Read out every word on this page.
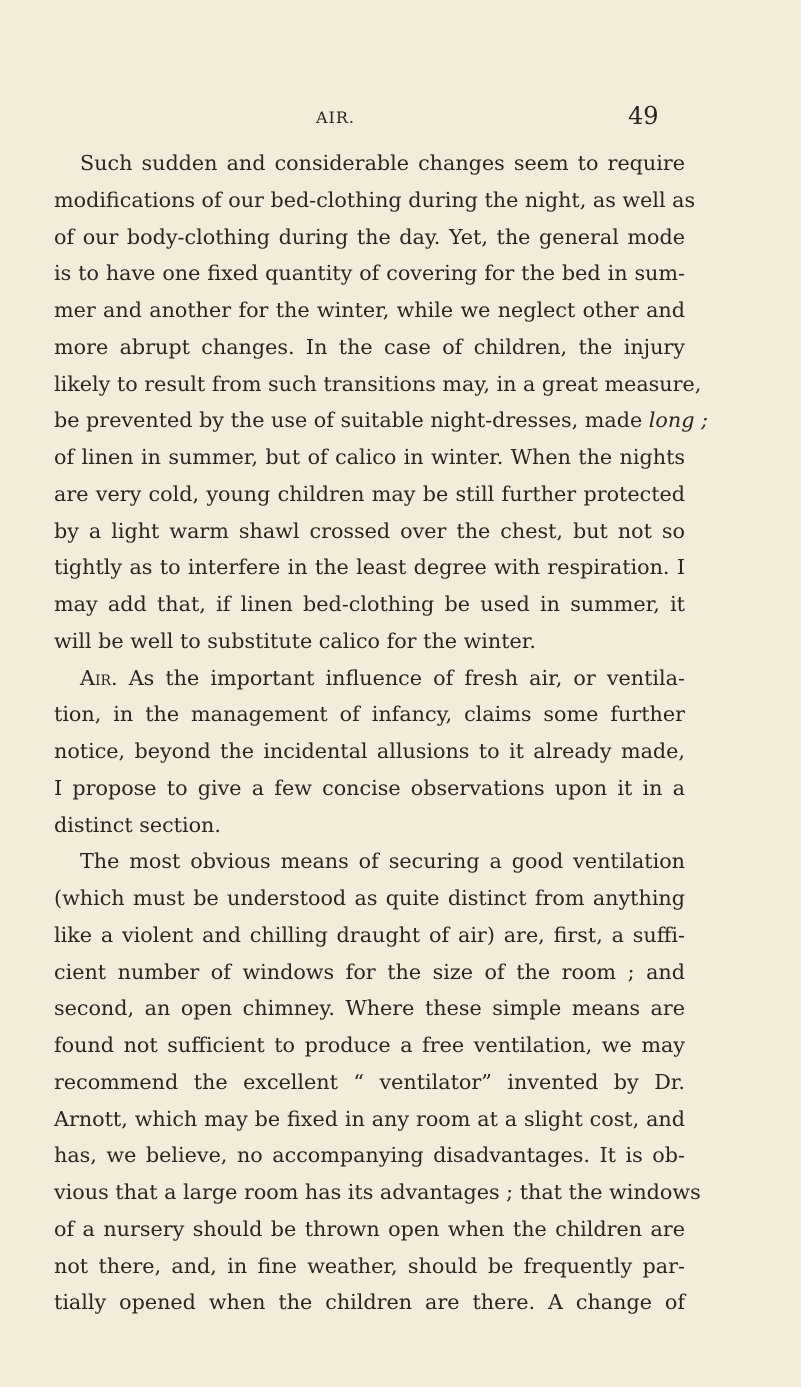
AIR.	49
Such sudden and considerable changes seem to require
modifications of our bed-clothing during the night, as well as
of our body-clothing during the day. Yet, the general mode
is to have one fixed quantity of covering for the bed in sum-
mer and another for the winter, while we neglect other and
more abrupt changes. In the case of children, the injury
likely to result from such transitions may, in a great measure,
be prevented by the use of suitable night-dresses, made long ;
of linen in summer, but of calico in winter. When the nights
are very cold, young children may be still further protected
by a light warm shawl crossed over the chest, but not so
tightly as to interfere in the least degree with respiration. I
may add that, if linen bed-clothing be used in summer, it
will be well to substitute calico for the winter.
Air. As the important influence of fresh air, or ventila-
tion, in the management of infancy, claims some further
notice, beyond the incidental allusions to it already made,
I propose to give a few concise observations upon it in a
distinct section.
The most obvious means of securing a good ventilation
(which must be understood as quite distinct from anything
like a violent and chilling draught of air) are, first, a suffi-
cient number of windows for the size of the room ; and
second, an open chimney. Where these simple means are
found not sufficient to produce a free ventilation, we may
recommend the excellent “ ventilator” invented by Dr.
Arnott, which may be fixed in any room at a slight cost, and
has, we believe, no accompanying disadvantages. It is ob-
vious that a large room has its advantages ; that the windows
of a nursery should be thrown open when the children are
not there, and, in fine weather, should be frequently par-
tially opened when the children are there. A change of
